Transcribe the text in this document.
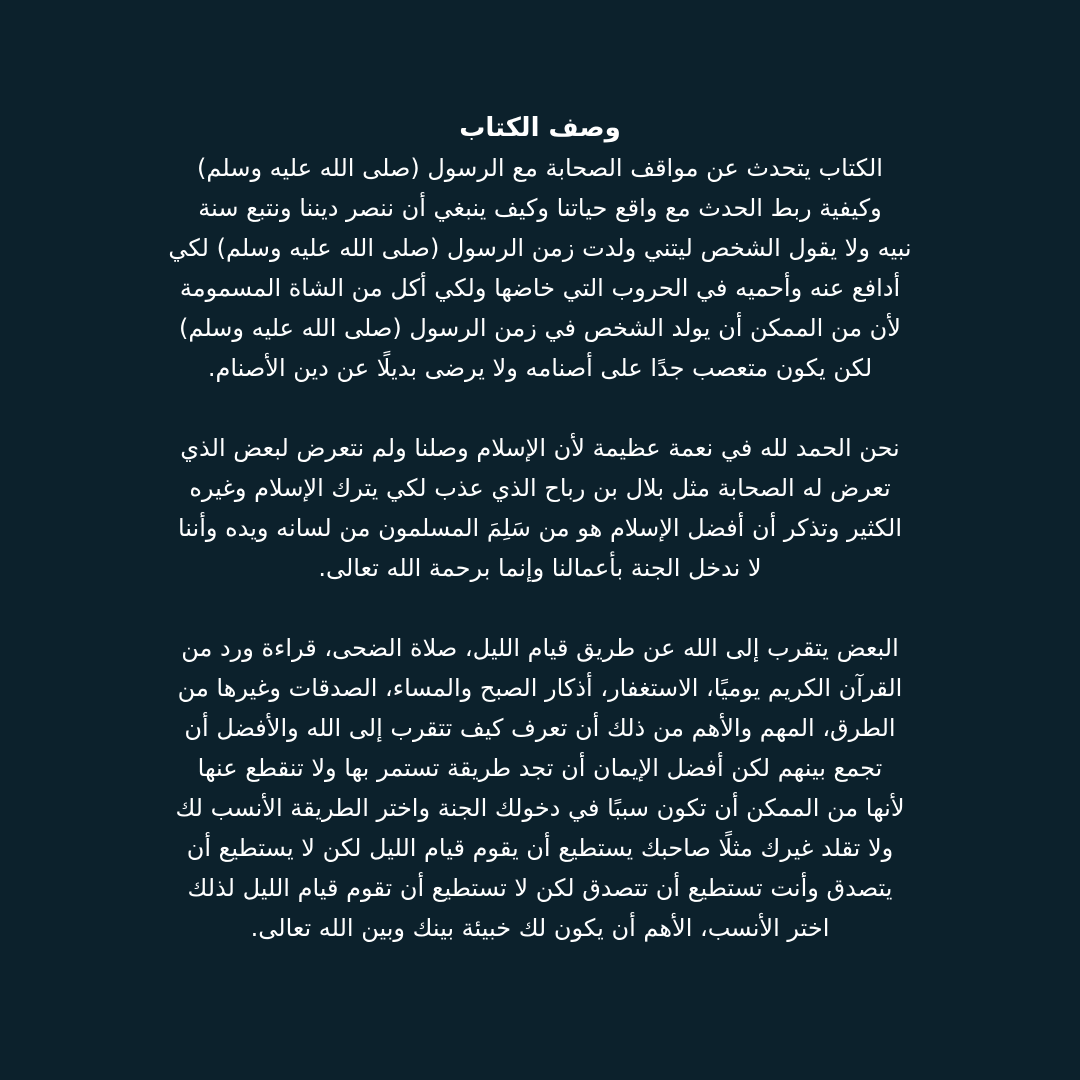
وصف الكتاب

الكتاب يتحدث عن مواقف الصحابة مع الرسول (صلى الله عليه وسلم)
وكيفية ربط الحدث مع واقع حياتنا وكيف ينبغي أن ننصر ديننا ونتبع سنة
نبيه ولا يقول الشخص ليتني ولدت زمن الرسول (صلى الله عليه وسلم) لكي
أدافع عنه وأحميه في الحروب التي خاضها ولكي أكل من الشاة المسمومة
لأن من الممكن أن يولد الشخص في زمن الرسول (صلى الله عليه وسلم)
لكن يكون متعصب جدًا على أصنامه ولا يرضى بديلًا عن دين الأصنام.

نحن الحمد لله في نعمة عظيمة لأن الإسلام وصلنا ولم نتعرض لبعض الذي
تعرض له الصحابة مثل بلال بن رباح الذي عذب لكي يترك الإسلام وغيره
الكثير وتذكر أن أفضل الإسلام هو من سَلِمَ المسلمون من لسانه ويده وأننا
لا ندخل الجنة بأعمالنا وإنما برحمة الله تعالى.

البعض يتقرب إلى الله عن طريق قيام الليل، صلاة الضحى، قراءة ورد من
القرآن الكريم يوميًا، الاستغفار، أذكار الصبح والمساء، الصدقات وغيرها من
الطرق، المهم والأهم من ذلك أن تعرف كيف تتقرب إلى الله والأفضل أن
تجمع بينهم لكن أفضل الإيمان أن تجد طريقة تستمر بها ولا تنقطع عنها
لأنها من الممكن أن تكون سببًا في دخولك الجنة واختر الطريقة الأنسب لك
ولا تقلد غيرك مثلًا صاحبك يستطيع أن يقوم قيام الليل لكن لا يستطيع أن
يتصدق وأنت تستطيع أن تتصدق لكن لا تستطيع أن تقوم قيام الليل لذلك
اختر الأنسب، الأهم أن يكون لك خبيئة بينك وبين الله تعالى.
